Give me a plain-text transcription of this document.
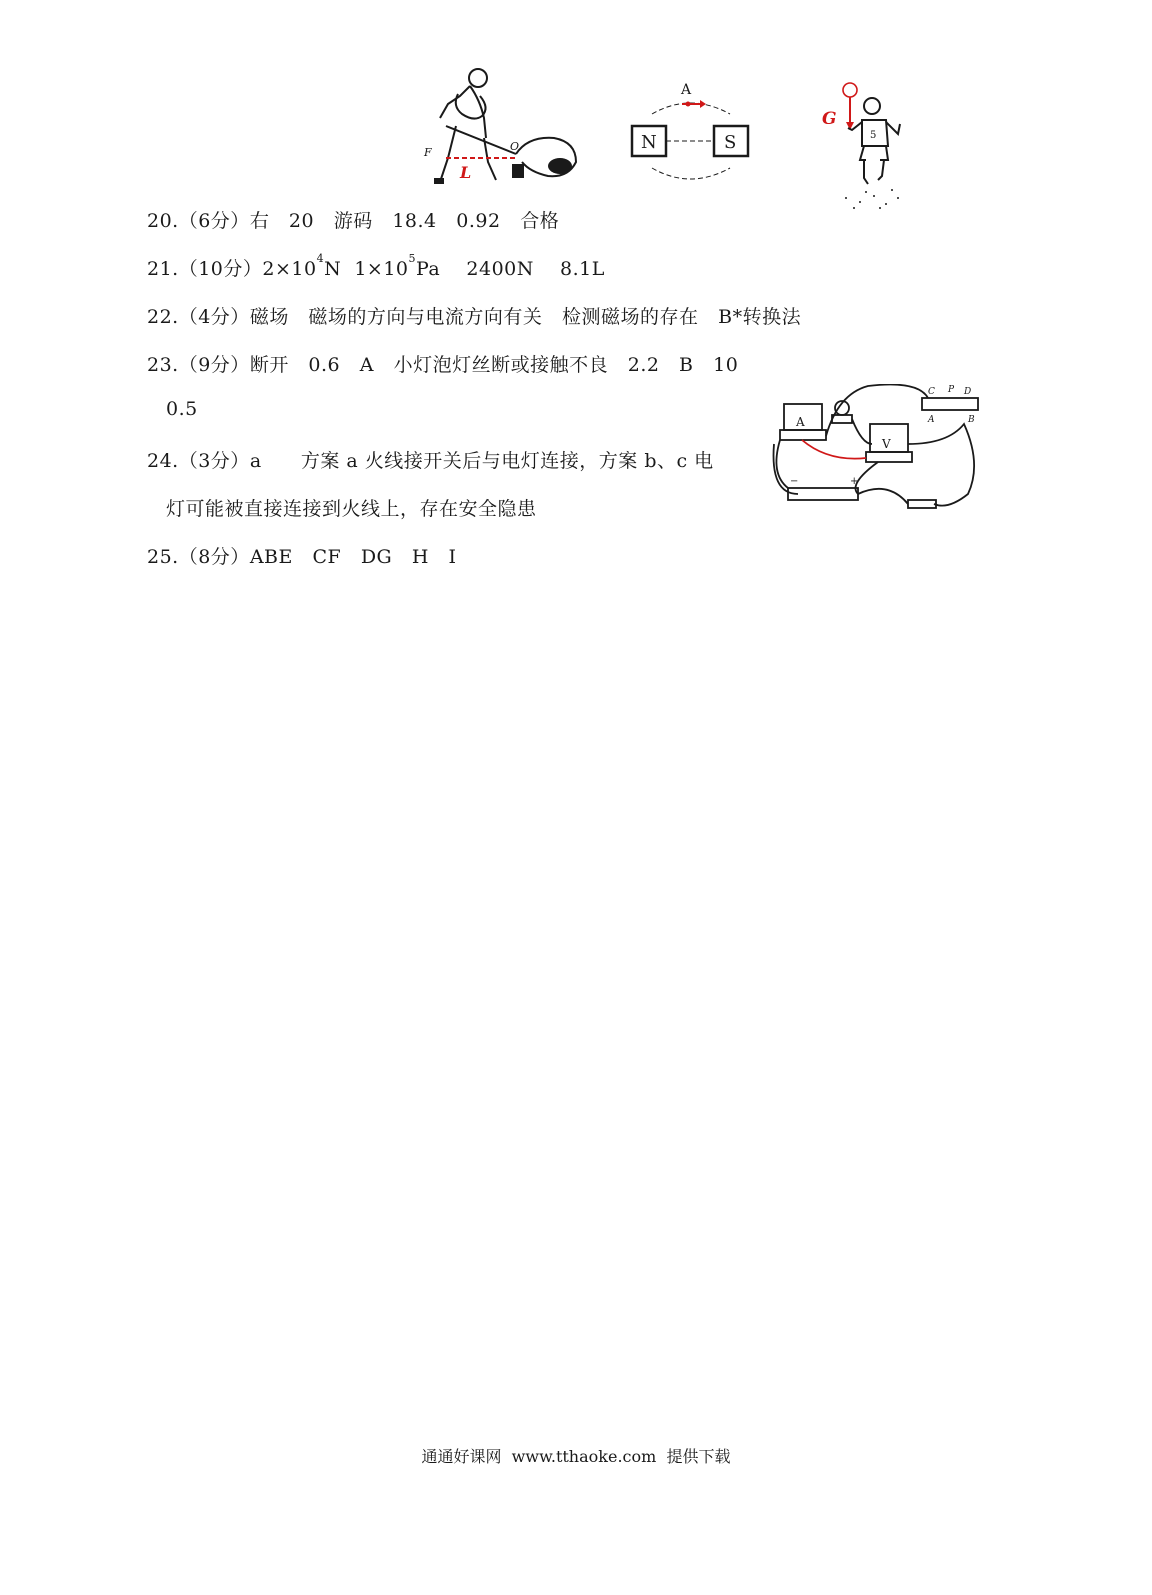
F	O
L
A
N	S
G
5
A
V
C P D
A	B
−	+
20.（6分）右   20   游码   18.4   0.92   合格
21.（10分）$2\times 10^4N$  $1\times 10^5Pa$    2400N    8.1L
22.（4分）磁场   磁场的方向与电流方向有关   检测磁场的存在   B*转换法
23.（9分）断开   0.6   A   小灯泡灯丝断或接触不良   2.2   B   10
0.5
24.（3分）a      方案 a 火线接开关后与电灯连接，方案 b、c 电
灯可能被直接连接到火线上，存在安全隐患
25.（8分）ABE   CF   DG   H   I
通通好课网  www.tthaoke.com  提供下载
